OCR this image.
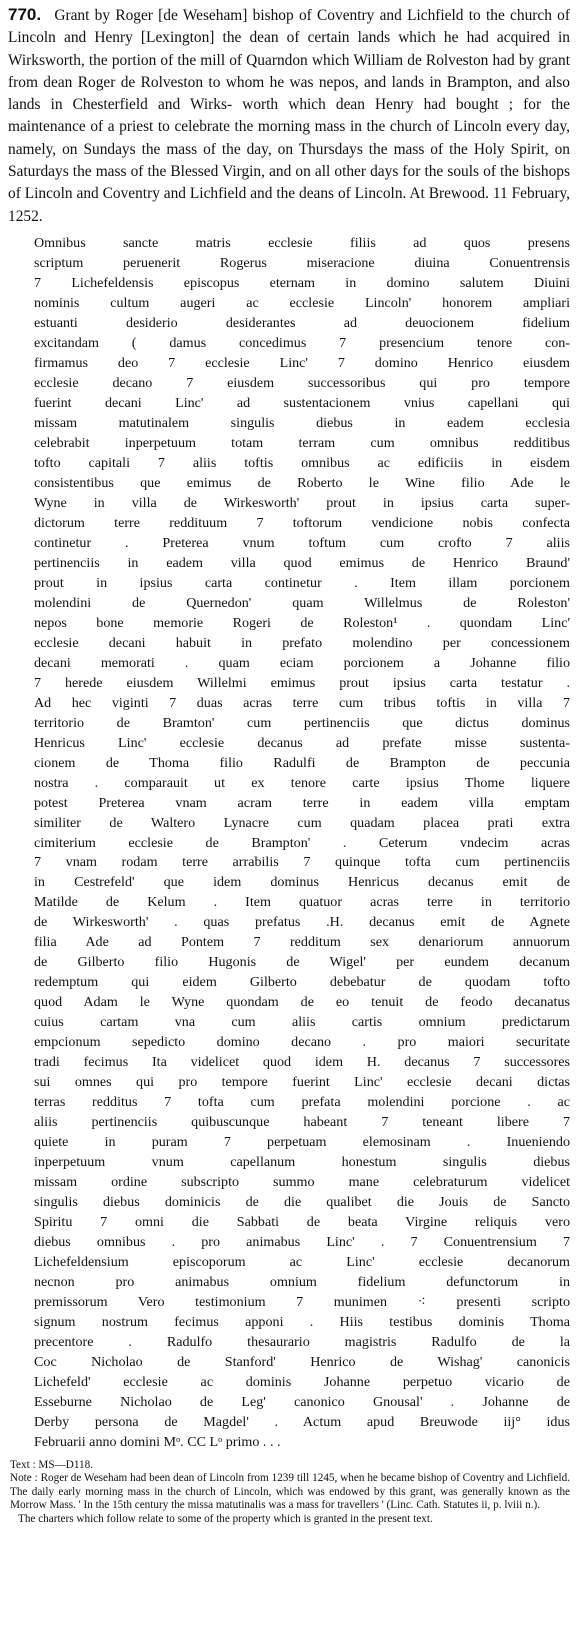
770. Grant by Roger [de Weseham] bishop of Coventry and Lichfield to the church of Lincoln and Henry [Lexington] the dean of certain lands which he had acquired in Wirksworth, the portion of the mill of Quarndon which William de Rolveston had by grant from dean Roger de Rolveston to whom he was nepos, and lands in Brampton, and also lands in Chesterfield and Wirks- worth which dean Henry had bought ; for the maintenance of a priest to celebrate the morning mass in the church of Lincoln every day, namely, on Sundays the mass of the day, on Thursdays the mass of the Holy Spirit, on Saturdays the mass of the Blessed Virgin, and on all other days for the souls of the bishops of Lincoln and Coventry and Lichfield and the deans of Lincoln. At Brewood. 11 February, 1252.
Omnibus sancte matris ecclesie filiis ad quos presens
scriptum peruenerit Rogerus miseracione diuina Conuentrensis
7 Lichefeldensis episcopus eternam in domino salutem Diuini
nominis cultum augeri ac ecclesie Lincoln' honorem ampliari
estuanti desiderio desiderantes ad deuocionem fidelium
excitandam ( damus concedimus 7 presencium tenore con-
firmamus deo 7 ecclesie Linc' 7 domino Henrico eiusdem
ecclesie decano 7 eiusdem successoribus qui pro tempore
fuerint decani Linc' ad sustentacionem vnius capellani qui
missam matutinalem singulis diebus in eadem ecclesia
celebrabit inperpetuum totam terram cum omnibus redditibus
tofto capitali 7 aliis toftis omnibus ac edificiis in eisdem
consistentibus que emimus de Roberto le Wine filio Ade le
Wyne in villa de Wirkesworth' prout in ipsius carta super-
dictorum terre reddituum 7 toftorum vendicione nobis confecta
continetur . Preterea vnum toftum cum crofto 7 aliis
pertinenciis in eadem villa quod emimus de Henrico Braund'
prout in ipsius carta continetur . Item illam porcionem
molendini de Quernedon' quam Willelmus de Roleston'
nepos bone memorie Rogeri de Roleston¹ . quondam Linc'
ecclesie decani habuit in prefato molendino per concessionem
decani memorati . quam eciam porcionem a Johanne filio
7 herede eiusdem Willelmi emimus prout ipsius carta testatur .
Ad hec viginti 7 duas acras terre cum tribus toftis in villa 7
territorio de Bramton' cum pertinenciis que dictus dominus
Henricus Linc' ecclesie decanus ad prefate misse sustenta-
cionem de Thoma filio Radulfi de Brampton de peccunia
nostra . comparauit ut ex tenore carte ipsius Thome liquere
potest Preterea vnam acram terre in eadem villa emptam
similiter de Waltero Lynacre cum quadam placea prati extra
cimiterium ecclesie de Brampton' . Ceterum vndecim acras
7 vnam rodam terre arrabilis 7 quinque tofta cum pertinenciis
in Cestrefeld' que idem dominus Henricus decanus emit de
Matilde de Kelum . Item quatuor acras terre in territorio
de Wirkesworth' . quas prefatus .H. decanus emit de Agnete
filia Ade ad Pontem 7 redditum sex denariorum annuorum
de Gilberto filio Hugonis de Wigel' per eundem decanum
redemptum qui eidem Gilberto debebatur de quodam tofto
quod Adam le Wyne quondam de eo tenuit de feodo decanatus
cuius cartam vna cum aliis cartis omnium predictarum
empcionum sepedicto domino decano . pro maiori securitate
tradi fecimus Ita videlicet quod idem H. decanus 7 successores
sui omnes qui pro tempore fuerint Linc' ecclesie decani dictas
terras redditus 7 tofta cum prefata molendini porcione . ac
aliis pertinenciis quibuscunque habeant 7 teneant libere 7
quiete in puram 7 perpetuam elemosinam . Inueniendo
inperpetuum vnum capellanum honestum singulis diebus
missam ordine subscripto summo mane celebraturum videlicet
singulis diebus dominicis de die qualibet die Jouis de Sancto
Spiritu 7 omni die Sabbati de beata Virgine reliquis vero
diebus omnibus . pro animabus Linc' . 7 Conuentrensium 7
Lichefeldensium episcoporum ac Linc' ecclesie decanorum
necnon pro animabus omnium fidelium defunctorum in
premissorum Vero testimonium 7 munimen ⁖ presenti scripto
signum nostrum fecimus apponi . Hiis testibus dominis Thoma
precentore . Radulfo thesaurario magistris Radulfo de la
Coc Nicholao de Stanford' Henrico de Wishag' canonicis
Lichefeld' ecclesie ac dominis Johanne perpetuo vicario de
Esseburne Nicholao de Leg' canonico Gnousal' . Johanne de
Derby persona de Magdel' . Actum apud Breuwode iij° idus
Februarii anno domini Mᵒ. CC Lᵒ primo . . .

Text : MS—D118.

Note : Roger de Weseham had been dean of Lincoln from 1239 till 1245, when he became bishop of Coventry and Lichfield. The daily early morning mass in the church of Lincoln, which was endowed by this grant, was generally known as the Morrow Mass. ' In the 15th century the missa matutinalis was a mass for travellers ' (Linc. Cath. Statutes ii, p. lviii n.).

The charters which follow relate to some of the property which is granted in the present text.
